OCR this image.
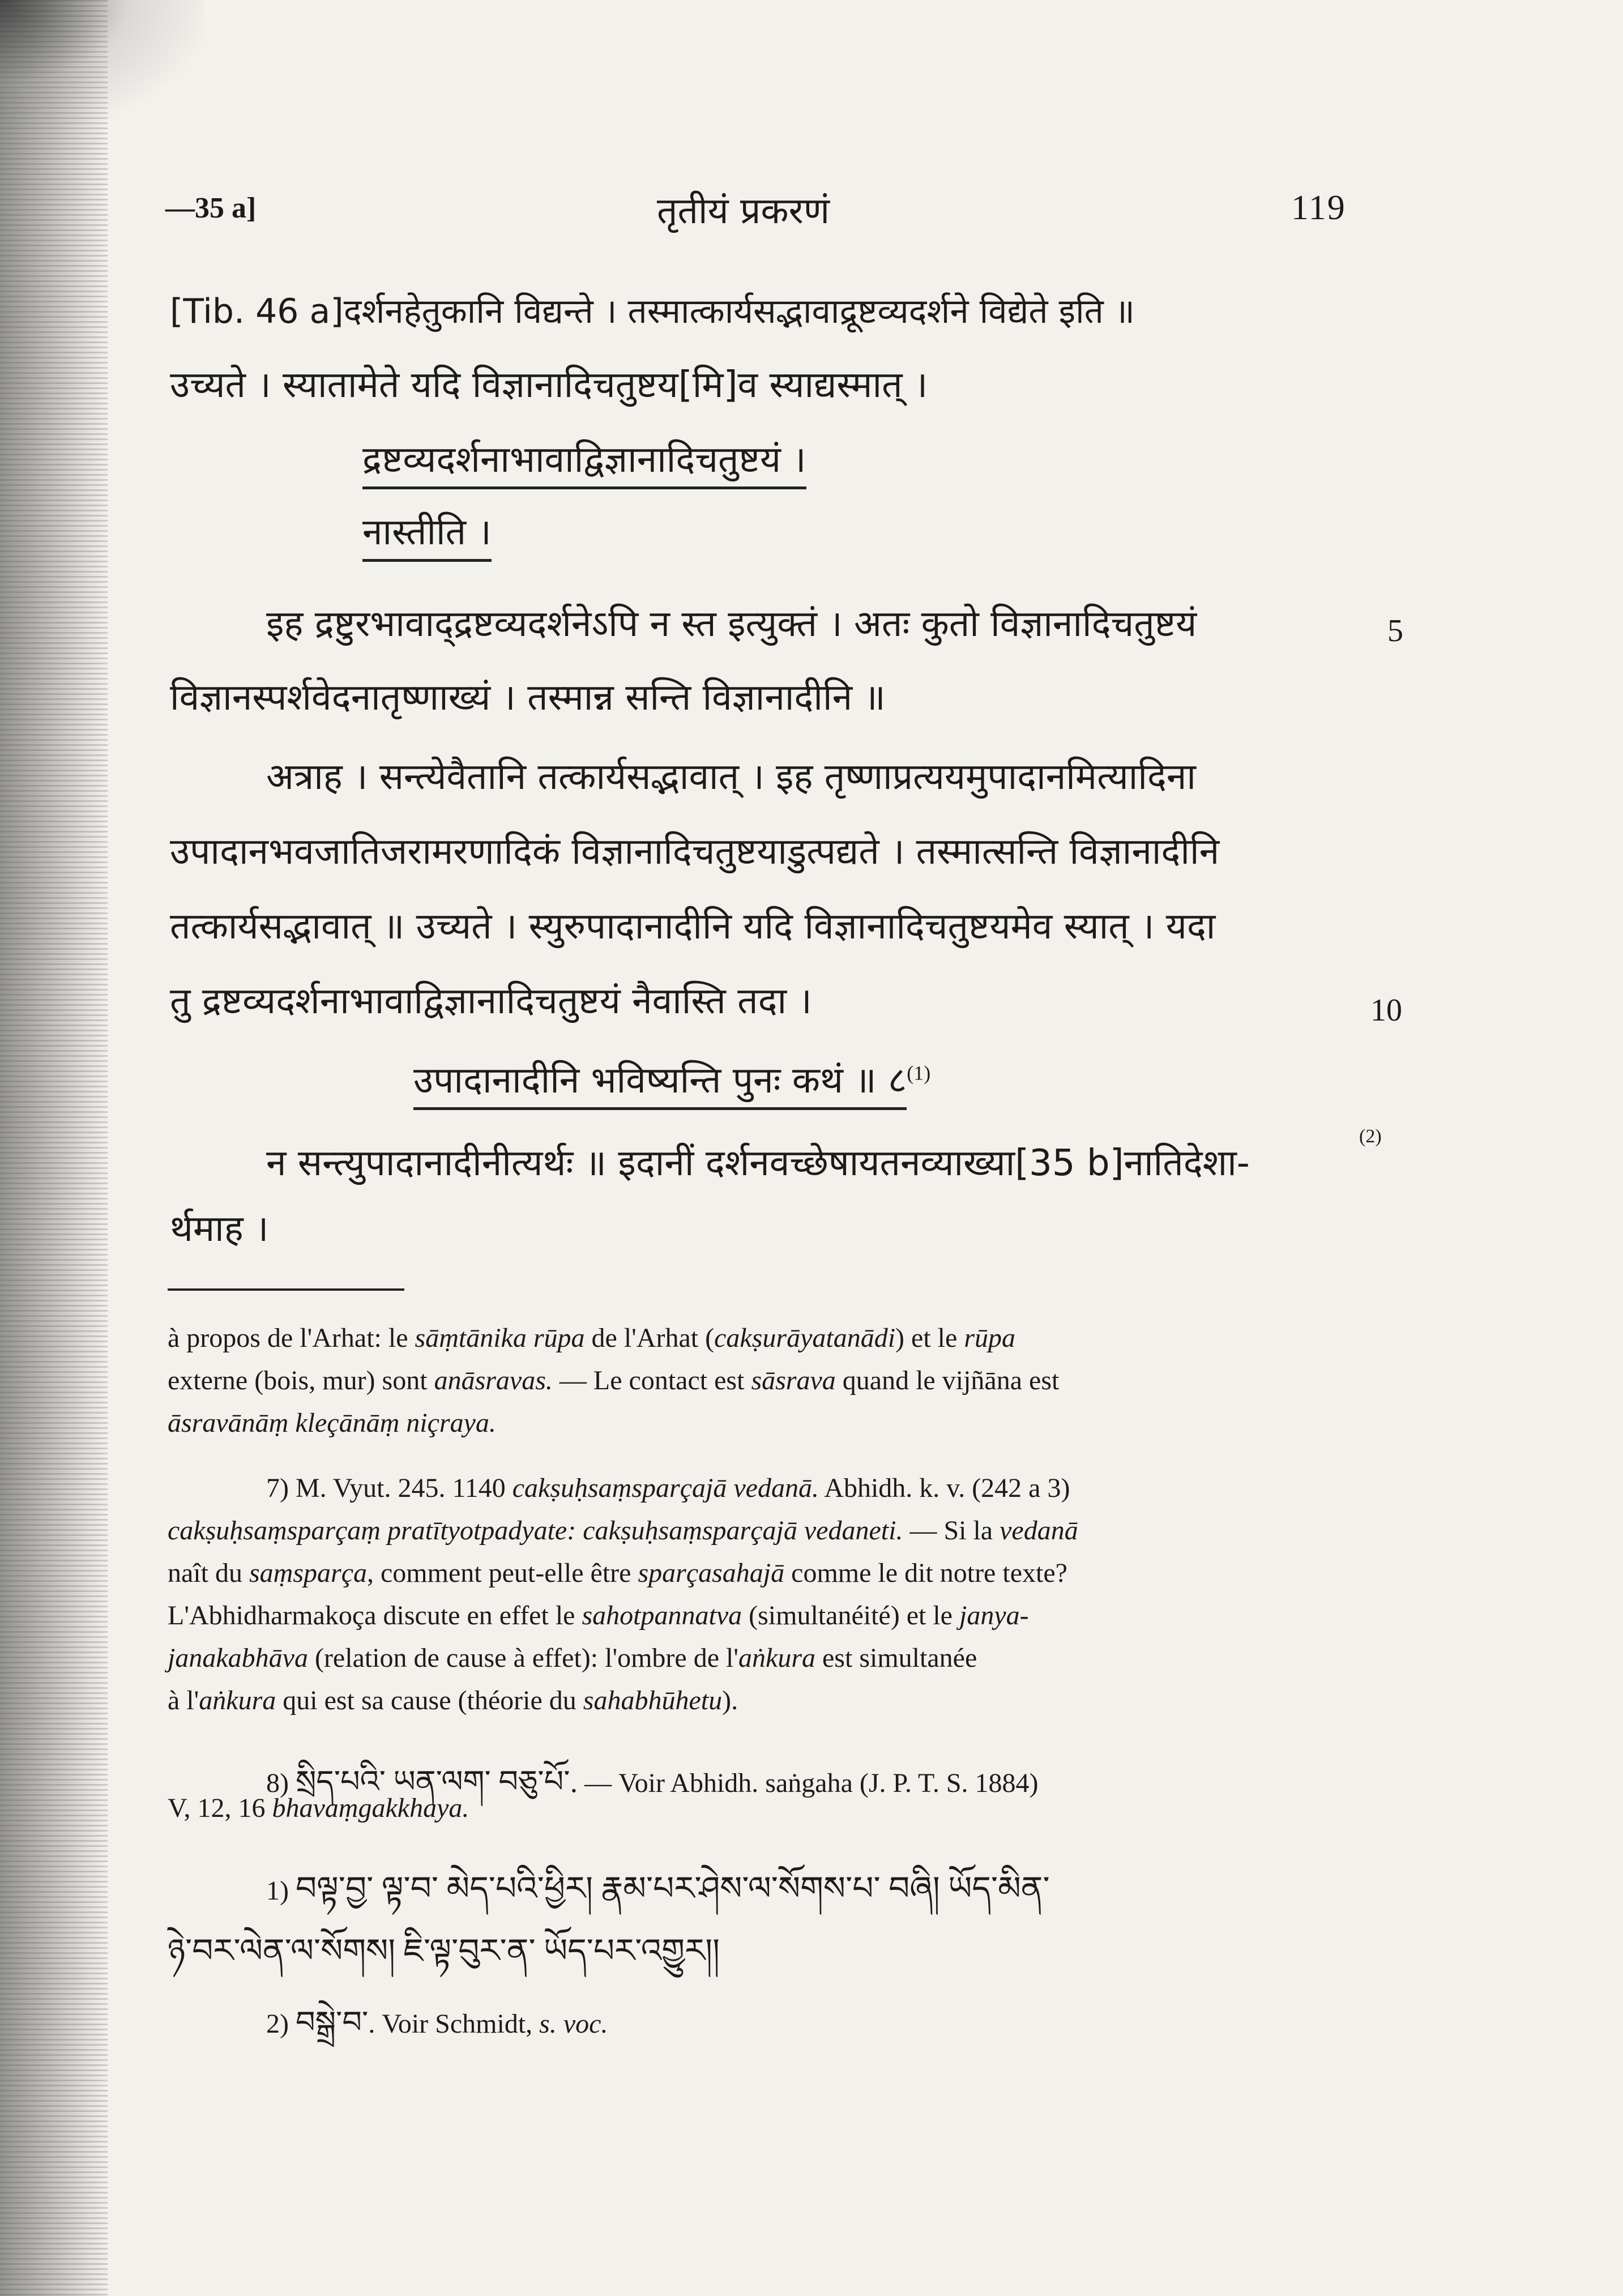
—35 a]	तृतीयं प्रकरणं	119
[Tib. 46 a]दर्शनहेतुकानि विद्यन्ते । तस्मात्कार्यसद्भावाद्रूष्टव्यदर्शने विद्येते इति ॥
उच्यते । स्यातामेते यदि विज्ञानादिचतुष्टय[मि]व स्याद्यस्मात् ।
द्रष्टव्यदर्शनाभावाद्विज्ञानादिचतुष्टयं ।
नास्तीति ।
इह द्रष्टुरभावाद्द्रष्टव्यदर्शनेऽपि न स्त इत्युक्तं । अतः कुतो विज्ञानादिचतुष्टयं	5
विज्ञानस्पर्शवेदनातृष्णाख्यं । तस्मान्न सन्ति विज्ञानादीनि ॥
अत्राह । सन्त्येवैतानि तत्कार्यसद्भावात् । इह तृष्णाप्रत्ययमुपादानमित्यादिना
उपादानभवजातिजरामरणादिकं विज्ञानादिचतुष्टयाडुत्पद्यते । तस्मात्सन्ति विज्ञानादीनि
तत्कार्यसद्भावात् ॥ उच्यते । स्युरुपादानादीनि यदि विज्ञानादिचतुष्टयमेव स्यात् । यदा
तु द्रष्टव्यदर्शनाभावाद्विज्ञानादिचतुष्टयं नैवास्ति तदा ।	10
उपादानादीनि भविष्यन्ति पुनः कथं ॥ ८$^{(1)}$
न सन्त्युपादानादीनीत्यर्थः ॥ इदानीं दर्शनवच्छेषायतनव्याख्या[35 b]नातिदेशा-
(2)
र्थमाह ।
à propos de l'Arhat: le sāṃtānika rūpa de l'Arhat (cakṣurāyatanādi) et le rūpa
externe (bois, mur) sont anāsravas. — Le contact est sāsrava quand le vijñāna est
āsravānāṃ kleçānāṃ niçraya.
7) M. Vyut. 245. 1140 cakṣuḥsaṃsparçajā vedanā. Abhidh. k. v. (242 a 3)
cakṣuḥsaṃsparçaṃ pratītyotpadyate: cakṣuḥsaṃsparçajā vedaneti. — Si la vedanā
naît du saṃsparça, comment peut-elle être sparçasahajā comme le dit notre texte?
L'Abhidharmakoça discute en effet le sahotpannatva (simultanéité) et le janya-
janakabhāva (relation de cause à effet): l'ombre de l'aṅkura est simultanée
à l'aṅkura qui est sa cause (théorie du sahabhūhetu).
8) སྲིད་པའི་ ཡན་ལག་ བཅུ་པོ་. — Voir Abhidh. saṅgaha (J. P. T. S. 1884)
V, 12, 16 bhavaṃgakkhaya.
1) བལྟ་བྱ་ ལྟ་བ་ མེད་པའི་ཕྱིར། རྣམ་པར་ཤེས་ལ་སོགས་པ་ བཞི། ཡོད་མིན་
ཉེ་བར་ལེན་ལ་སོགས། ཇི་ལྟ་བུར་ན་ ཡོད་པར་འགྱུར།།
2) བསྒྲེ་བ་. Voir Schmidt, s. voc.
